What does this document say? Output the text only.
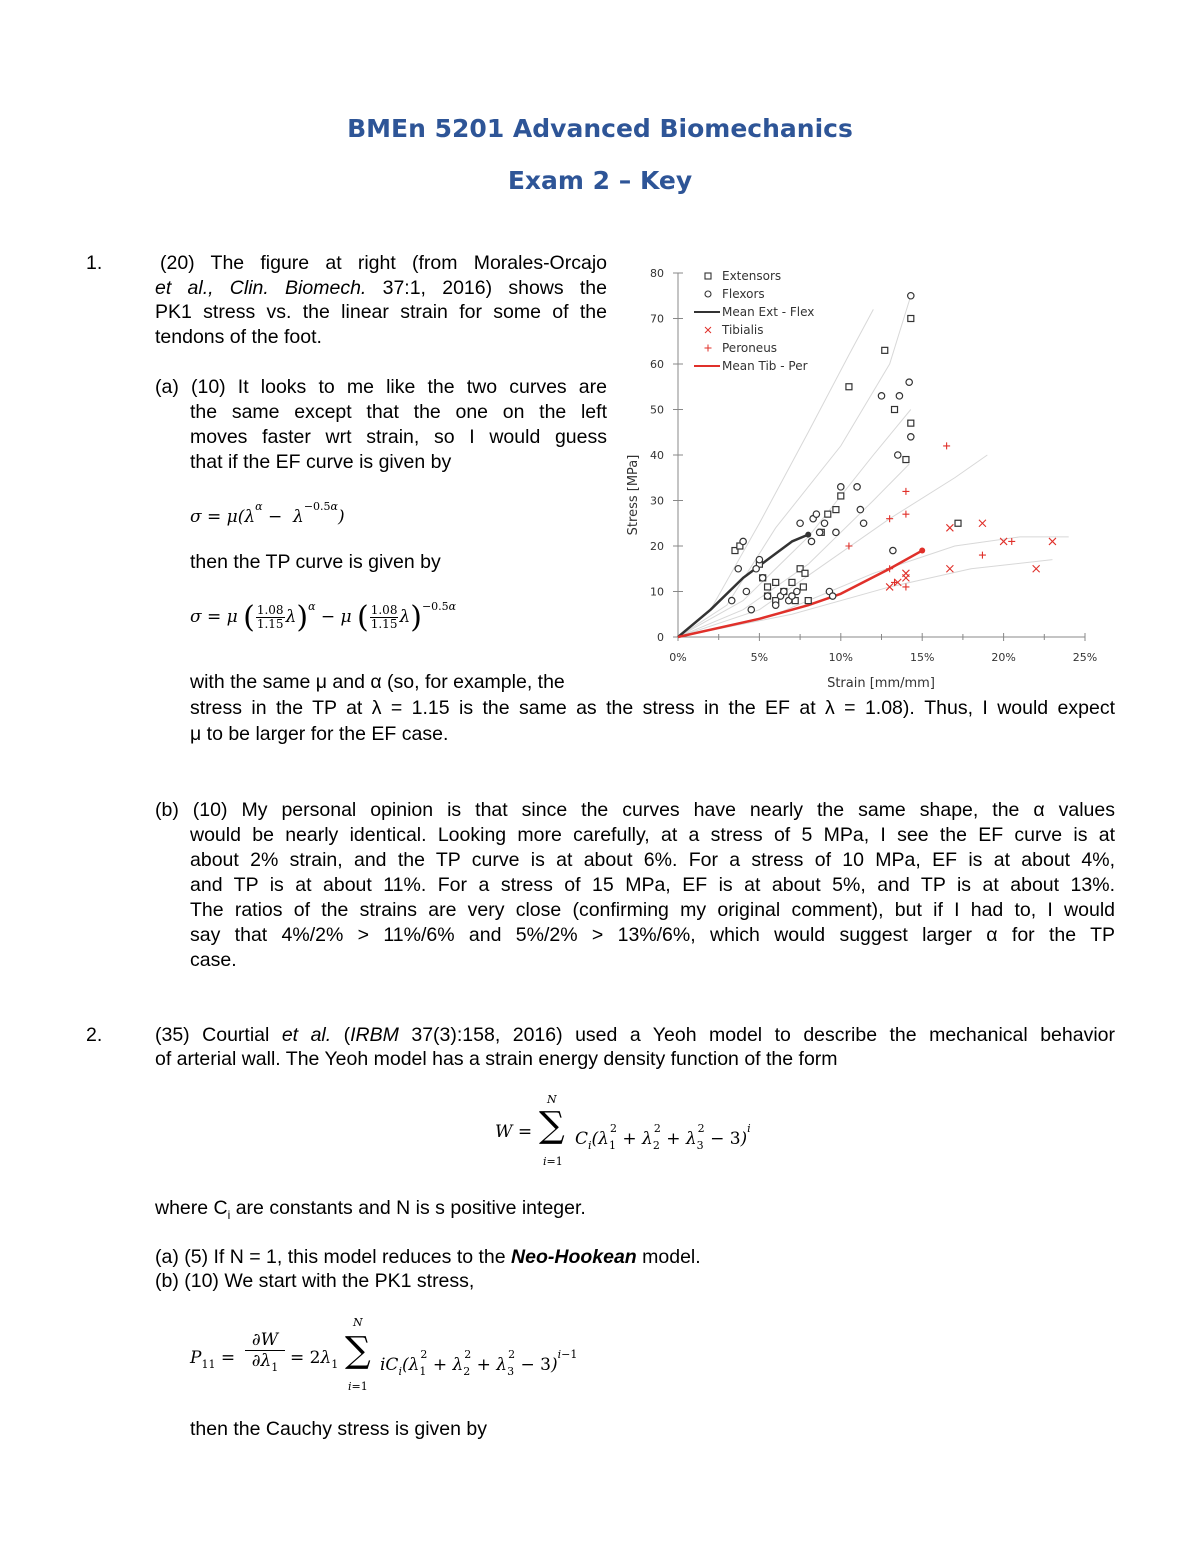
BMEn 5201 Advanced Biomechanics
Exam 2 – Key
1.	(20) The figure at right (from Morales-Orcajo
et al., Clin. Biomech. 37:1, 2016) shows the
PK1 stress vs. the linear strain for some of the
tendons of the foot.
(a) (10) It looks to me like the two curves are
the same except that the one on the left
moves faster wrt strain, so I would guess
that if the EF curve is given by
$\sigma = \mu(\lambda^\alpha - \lambda^{-0.5\alpha})$
then the TP curve is given by
σ = μ ( $\frac{1.08}{1.15} \lambda)^\alpha - \mu$ ( $\frac{1.08}{1.15} \lambda)^{-0.5\alpha}$
with the same μ and α (so, for example, the
stress in the TP at λ = 1.15 is the same as the stress in the EF at λ = 1.08). Thus, I would expect
μ to be larger for the EF case.
(b) (10) My personal opinion is that since the curves have nearly the same shape, the α values
would be nearly identical. Looking more carefully, at a stress of 5 MPa, I see the EF curve is at
about 2% strain, and the TP curve is at about 6%. For a stress of 10 MPa, EF is at about 4%,
and TP is at about 11%. For a stress of 15 MPa, EF is at about 5%, and TP is at about 13%.
The ratios of the strains are very close (confirming my original comment), but if I had to, I would
say that 4%/2% > 11%/6% and 5%/2% > 13%/6%, which would suggest larger α for the TP
case.
0
10
20
30
40
50
60
70
80
0%	5%	10%	15%	20%	25%
Extensors
Flexors
Mean Ext - Flex
Tibialis
Peroneus
Mean Tib - Per
Stress [MPa]
Strain [mm/mm]
2.	(35) Courtial et al. (IRBM 37(3):158, 2016) used a Yeoh model to describe the mechanical behavior
of arterial wall. The Yeoh model has a strain energy density function of the form
W =
N
∑
i=1
$C_i(\lambda_1^2 + \lambda_2^2 + \lambda_3^2 - 3)^i$
where $C_i$ are constants and N is s positive integer.
(a) (5) If N = 1, this model reduces to the Neo-Hookean model.
(b) (10) We start with the PK1 stress,
$P_{11}$ =
∂W
$\partial\lambda_1 = 2\lambda_1$
N
∑
i=1
$iC_i(\lambda_1^2 + \lambda_2^2 + \lambda_3^2 - 3)^{i-1}$
then the Cauchy stress is given by
